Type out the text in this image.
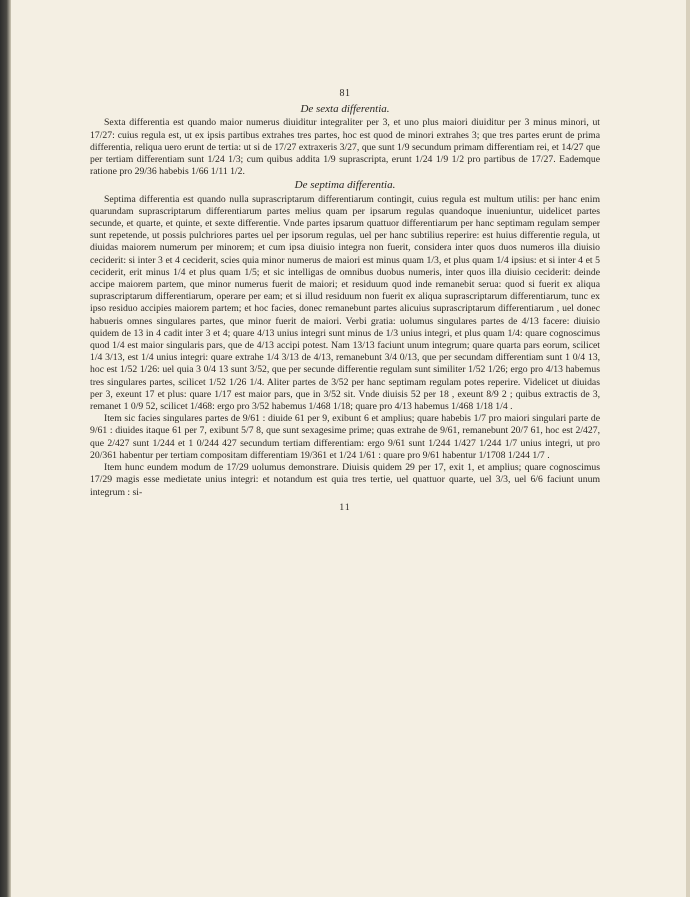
81
De sexta differentia.

Sexta differentia est quando maior numerus diuiditur integraliter per 3, et uno plus maiori diuiditur per 3 minus minori, ut 17/27: cuius regula est, ut ex ipsis partibus extrahes tres partes, hoc est quod de minori extrahes 3; que tres partes erunt de prima differentia, reliqua uero erunt de tertia: ut si de 17/27 extraxeris 3/27, que sunt 1/9 secundum primam differentiam rei, et 14/27 que per tertiam differentiam sunt 1/24 1/3; cum quibus addita 1/9 suprascripta, erunt 1/24 1/9 1/2 pro partibus de 17/27. Eademque ratione pro 29/36 habebis 1/66 1/11 1/2.

De septima differentia.

Septima differentia est quando nulla suprascriptarum differentiarum contingit, cuius regula est multum utilis: per hanc enim quarundam suprascriptarum differentiarum partes melius quam per ipsarum regulas quandoque inueniuntur, uidelicet partes secunde, et quarte, et quinte, et sexte differentie. Vnde partes ipsarum quattuor differentiarum per hanc septimam regulam semper sunt repetende, ut possis pulchriores partes uel per ipsorum regulas, uel per hanc subtilius reperire: est huius differentie regula, ut diuidas maiorem numerum per minorem; et cum ipsa diuisio integra non fuerit, considera inter quos duos numeros illa diuisio ceciderit: si inter 3 et 4 ceciderit, scies quia minor numerus de maiori est minus quam 1/3, et plus quam 1/4 ipsius: et si inter 4 et 5 ceciderit, erit minus 1/4 et plus quam 1/5; et sic intelligas de omnibus duobus numeris, inter quos illa diuisio ceciderit: deinde accipe maiorem partem, que minor numerus fuerit de maiori; et residuum quod inde remanebit serua: quod si fuerit ex aliqua suprascriptarum differentiarum, operare per eam; et si illud residuum non fuerit ex aliqua suprascriptarum differentiarum, tunc ex ipso residuo accipies maiorem partem; et hoc facies, donec remanebunt partes alicuius suprascriptarum differentiarum , uel donec habueris omnes singulares partes, que minor fuerit de maiori. Verbi gratia: uolumus singulares partes de 4/13 facere: diuisio quidem de 13 in 4 cadit inter 3 et 4; quare 4/13 unius integri sunt minus de 1/3 unius integri, et plus quam 1/4: quare cognoscimus quod 1/4 est maior singularis pars, que de 4/13 accipi potest. Nam 13/13 faciunt unum integrum; quare quarta pars eorum, scilicet 1/4 3/13, est 1/4 unius integri: quare extrahe 1/4 3/13 de 4/13, remanebunt 3/4 0/13, que per secundam differentiam sunt 1 0/4 13, hoc est 1/52 1/26: uel quia 3 0/4 13 sunt 3/52, que per secunde differentie regulam sunt similiter 1/52 1/26; ergo pro 4/13 habemus tres singulares partes, scilicet 1/52 1/26 1/4. Aliter partes de 3/52 per hanc septimam regulam potes reperire. Videlicet ut diuidas per 3, exeunt 17 et plus: quare 1/17 est maior pars, que in 3/52 sit. Vnde diuisis 52 per 18 , exeunt 8/9 2 ; quibus extractis de 3, remanet 1 0/9 52, scilicet 1/468: ergo pro 3/52 habemus 1/468 1/18; quare pro 4/13 habemus 1/468 1/18 1/4 .

Item sic facies singulares partes de 9/61 : diuide 61 per 9, exibunt 6 et amplius; quare habebis 1/7 pro maiori singulari parte de 9/61 : diuides itaque 61 per 7, exibunt 5/7 8, que sunt sexagesime prime; quas extrahe de 9/61, remanebunt 20/7 61, hoc est 2/427, que 2/427 sunt 1/244 et 1 0/244 427 secundum tertiam differentiam: ergo 9/61 sunt 1/244 1/427 1/244 1/7 unius integri, ut pro 20/361 habentur per tertiam compositam differentiam 19/361 et 1/24 1/61 : quare pro 9/61 habentur 1/1708 1/244 1/7 .

Item hunc eundem modum de 17/29 uolumus demonstrare. Diuisis quidem 29 per 17, exit 1, et amplius; quare cognoscimus 17/29 magis esse medietate unius integri: et notandum est quia tres tertie, uel quattuor quarte, uel 3/3, uel 6/6 faciunt unum integrum : si-

11
